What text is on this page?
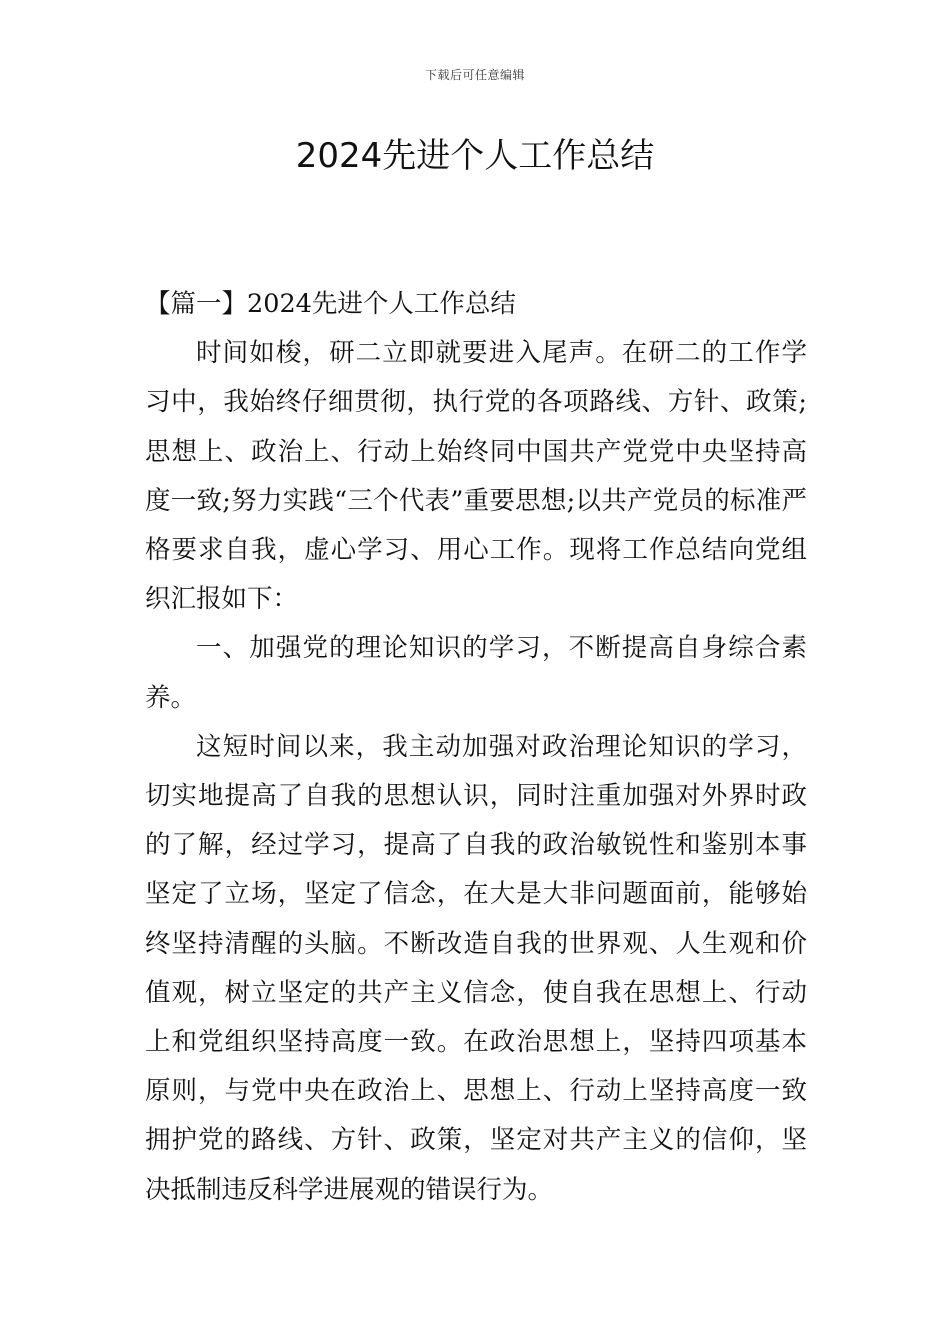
下载后可任意编辑
2024先进个人工作总结

【篇一】2024先进个人工作总结

时间如梭，研二立即就要进入尾声。在研二的工作学习中，我始终仔细贯彻，执行党的各项路线、方针、政策;思想上、政治上、行动上始终同中国共产党党中央坚持高度一致;努力实践“三个代表”重要思想;以共产党员的标准严格要求自我，虚心学习、用心工作。现将工作总结向党组织汇报如下：

一、加强党的理论知识的学习，不断提高自身综合素养。

这短时间以来，我主动加强对政治理论知识的学习，切实地提高了自我的思想认识，同时注重加强对外界时政的了解，经过学习，提高了自我的政治敏锐性和鉴别本事坚定了立场，坚定了信念，在大是大非问题面前，能够始终坚持清醒的头脑。不断改造自我的世界观、人生观和价值观，树立坚定的共产主义信念，使自我在思想上、行动上和党组织坚持高度一致。在政治思想上，坚持四项基本原则，与党中央在政治上、思想上、行动上坚持高度一致拥护党的路线、方针、政策，坚定对共产主义的信仰，坚决抵制违反科学进展观的错误行为。
